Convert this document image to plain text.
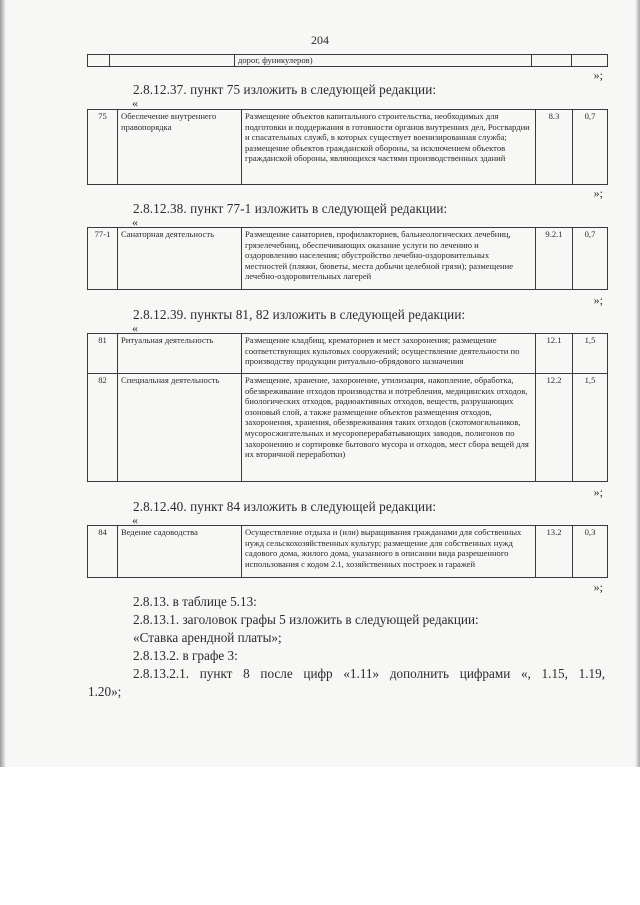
204
		дорог, фуникулеров)		
»;
2.8.12.37. пункт 75 изложить в следующей редакции:
«
75	Обеспечение внутреннего правопорядка	Размещение объектов капитального строительства, необходимых для подготовки и поддержания в готовности органов внутренних дел, Росгвардии и спасательных служб, в которых существует военизированная служба; размещение объектов гражданской обороны, за исключением объектов гражданской обороны, являющихся частями производственных зданий	8.3	0,7
»;
2.8.12.38. пункт 77-1 изложить в следующей редакции:
«
77-1	Санаторная деятельность	Размещение санаториев, профилакториев, бальнеологических лечебниц, грязелечебниц, обеспечивающих оказание услуги по лечению и оздоровлению населения; обустройство лечебно-оздоровительных местностей (пляжи, бюветы, места добычи целебной грязи); размещение лечебно-оздоровительных лагерей	9.2.1	0,7
»;
2.8.12.39. пункты 81, 82 изложить в следующей редакции:
«
81	Ритуальная деятельность	Размещение кладбищ, крематориев и мест захоронения; размещение соответствующих культовых сооружений; осуществление деятельности по производству продукции ритуально-обрядового назначения	12.1	1,5
82	Специальная деятельность	Размещение, хранение, захоронение, утилизация, накопление, обработка, обезвреживание отходов производства и потребления, медицинских отходов, биологических отходов, радиоактивных отходов, веществ, разрушающих озоновый слой, а также размещение объектов размещения отходов, захоронения, хранения, обезвреживания таких отходов (скотомогильников, мусоросжигательных и мусороперерабатывающих заводов, полигонов по захоронению и сортировке бытового мусора и отходов, мест сбора вещей для их вторичной переработки)	12.2	1,5
»;
2.8.12.40. пункт 84 изложить в следующей редакции:
«
84	Ведение садоводства	Осуществление отдыха и (или) выращивания гражданами для собственных нужд сельскохозяйственных культур; размещение для собственных нужд садового дома, жилого дома, указанного в описании вида разрешенного использования с кодом 2.1, хозяйственных построек и гаражей	13.2	0,3
»;
2.8.13. в таблице 5.13:
2.8.13.1. заголовок графы 5 изложить в следующей редакции:
«Ставка арендной платы»;
2.8.13.2. в графе 3:
2.8.13.2.1. пункт 8 после цифр «1.11» дополнить цифрами «, 1.15, 1.19,
1.20»;
